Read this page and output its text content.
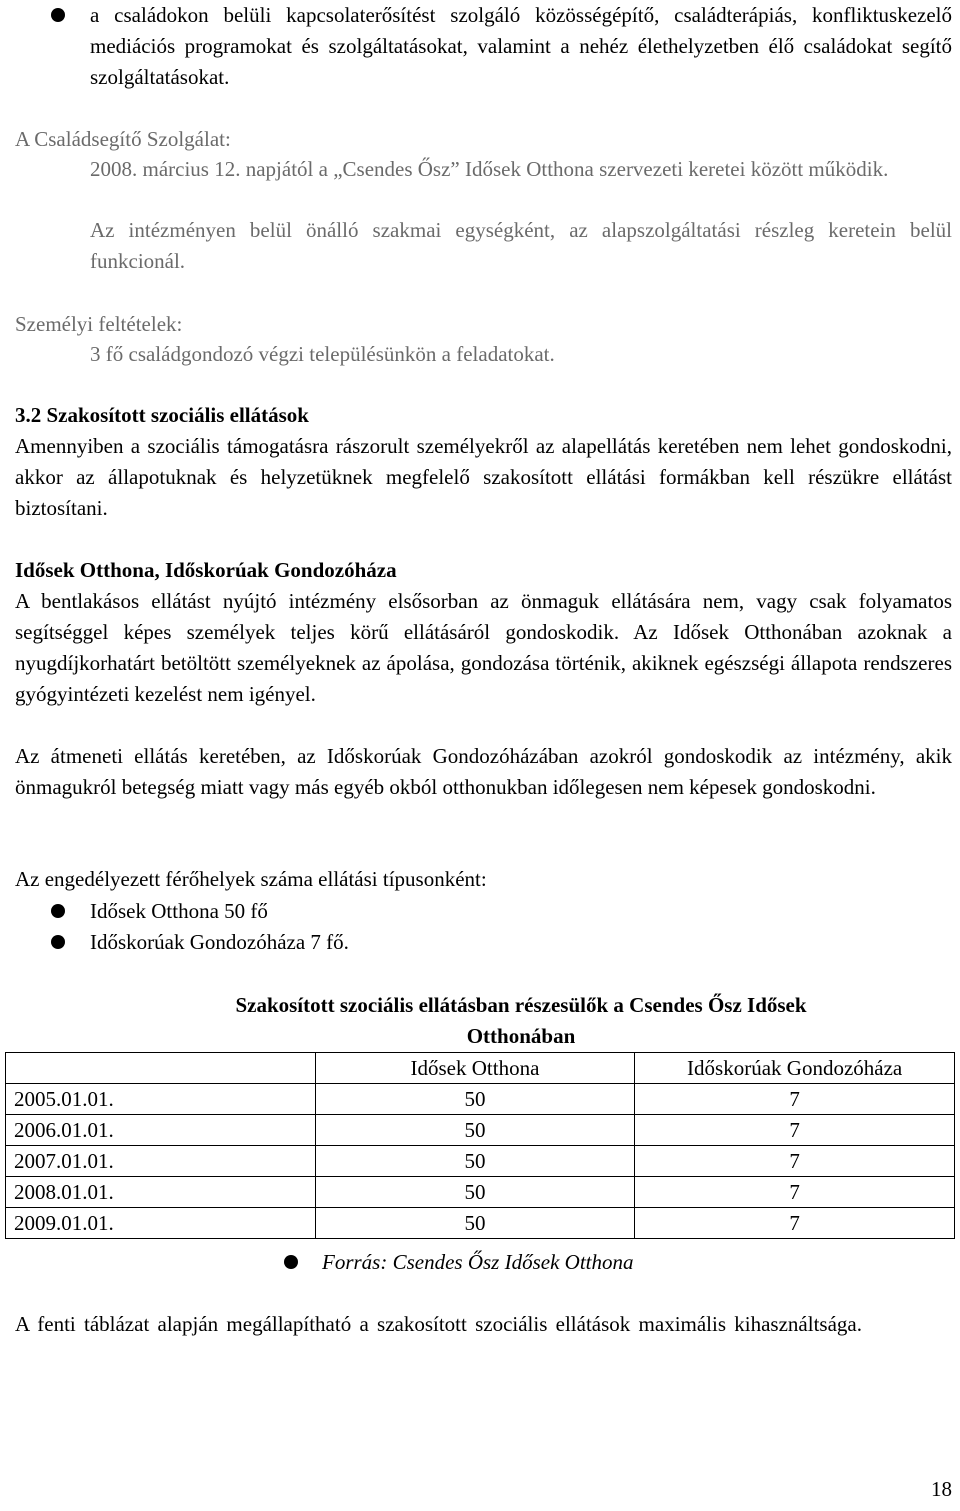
a családokon belüli kapcsolaterősítést szolgáló közösségépítő, családterápiás, konfliktuskezelő mediációs programokat és szolgáltatásokat, valamint a nehéz élethelyzetben élő családokat segítő szolgáltatásokat.

A Családsegítő Szolgálat:

2008. március 12. napjától a „Csendes Ősz” Idősek Otthona szervezeti keretei között működik.

Az intézményen belül önálló szakmai egységként, az alapszolgáltatási részleg keretein belül funkcionál.

Személyi feltételek:

3 fő családgondozó végzi településünkön a feladatokat.

3.2 Szakosított szociális ellátások

Amennyiben a szociális támogatásra rászorult személyekről az alapellátás keretében nem lehet gondoskodni, akkor az állapotuknak és helyzetüknek megfelelő szakosított ellátási formákban kell részükre ellátást biztosítani.

Idősek Otthona, Időskorúak Gondozóháza

A bentlakásos ellátást nyújtó intézmény elsősorban az önmaguk ellátására nem, vagy csak folyamatos segítséggel képes személyek teljes körű ellátásáról gondoskodik. Az Idősek Otthonában azoknak a nyugdíjkorhatárt betöltött személyeknek az ápolása, gondozása történik, akiknek egészségi állapota rendszeres gyógyintézeti kezelést nem igényel.

Az átmeneti ellátás keretében, az Időskorúak Gondozóházában azokról gondoskodik az intézmény, akik önmagukról betegség miatt vagy más egyéb okból otthonukban időlegesen nem képesek gondoskodni.

Az engedélyezett férőhelyek száma ellátási típusonként:

Idősek Otthona 50 fő

Időskorúak Gondozóháza 7 fő.

Szakosított szociális ellátásban részesülők a Csendes Ősz Idősek

Otthonában

	Idősek Otthona	Időskorúak Gondozóháza
2005.01.01.	50	7
2006.01.01.	50	7
2007.01.01.	50	7
2008.01.01.	50	7
2009.01.01.	50	7

Forrás: Csendes Ősz Idősek Otthona

A fenti táblázat alapján megállapítható a szakosított szociális ellátások maximális kihasználtsága.

18
